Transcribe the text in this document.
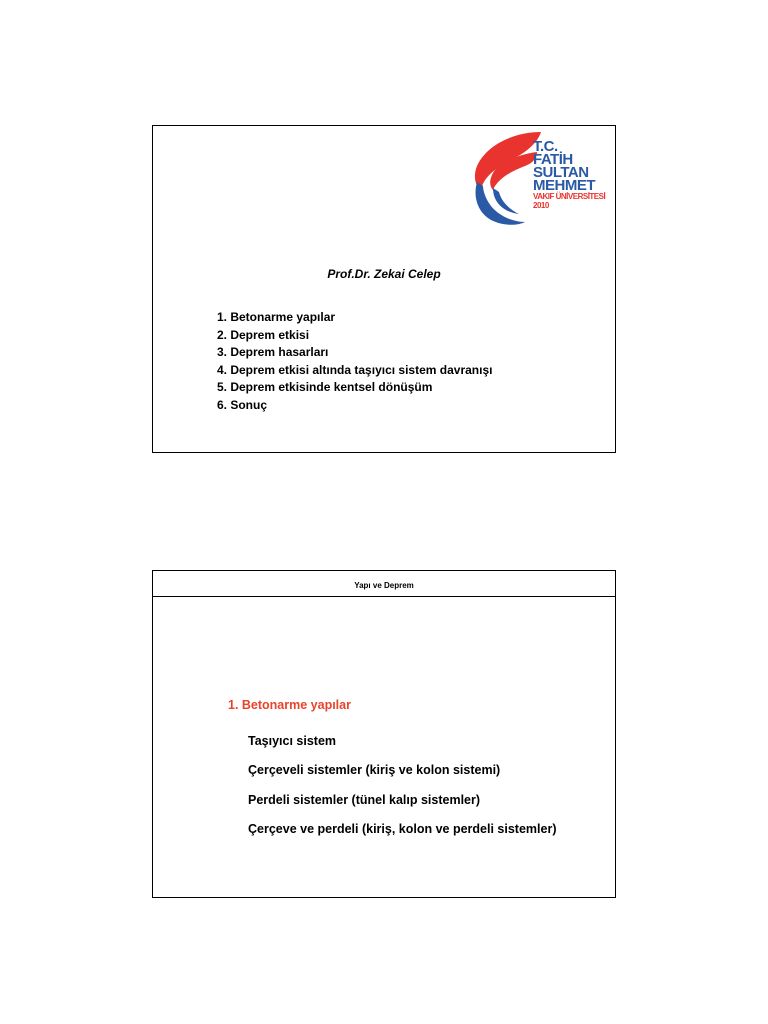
T.C.
FATİH
SULTAN
MEHMET
VAKIF ÜNİVERSİTESİ
2010
Prof.Dr. Zekai Celep
1. Betonarme yapılar
2. Deprem etkisi
3. Deprem hasarları
4. Deprem etkisi altında taşıyıcı sistem davranışı
5. Deprem etkisinde kentsel dönüşüm
6. Sonuç
Yapı ve Deprem
1. Betonarme yapılar
Taşıyıcı sistem
Çerçeveli sistemler (kiriş ve kolon sistemi)
Perdeli sistemler (tünel kalıp sistemler)
Çerçeve ve perdeli (kiriş, kolon ve perdeli sistemler)
